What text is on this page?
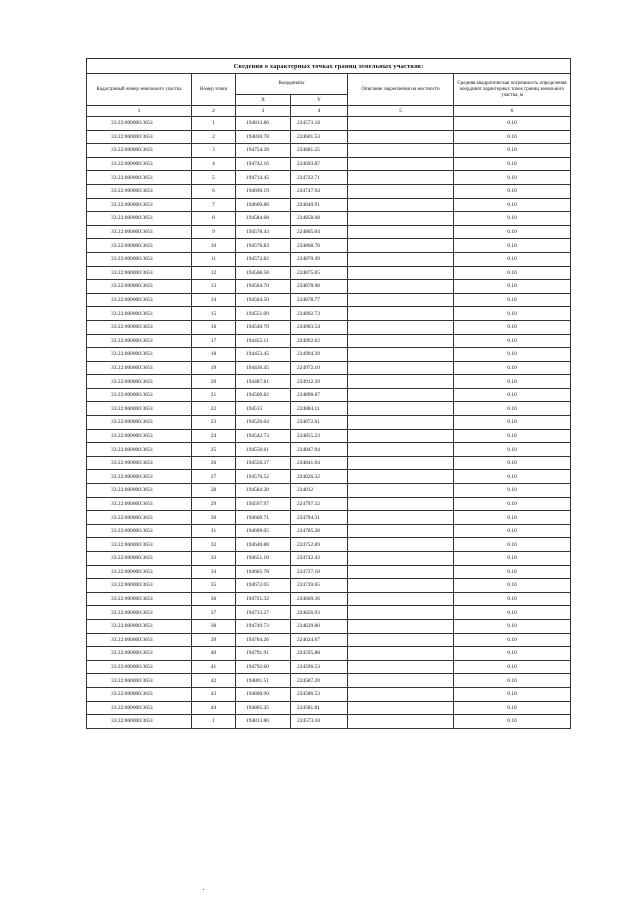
Сведения о характерных точках границ земельных участков:					
Кадастровый номер земельного участка	Номер точки	Координаты		Описание закрепления на местности	Средняя квадратическая погрешность определения координат характерных точек границ земельного участка, м
		X	Y		
1	2	3	4	5	6
33:22:000000:3651	1	194813.86	224573.18		0.10
33:22:000000:3651	2	194830.78	224601.53		0.10
33:22:000000:3651	3	194754.28	224681.25		0.10
33:22:000000:3651	4	194742.16	224693.87		0.10
33:22:000000:3651	5	194714.45	224722.71		0.10
33:22:000000:3651	6	194690.19	224747.94		0.10
33:22:000000:3651	7	194600.88	224840.91		0.10
33:22:000000:3651	8	194584.68	224858.68		0.10
33:22:000000:3651	9	194578.43	224865.04		0.10
33:22:000000:3651	10	194576.83	224868.70		0.10
33:22:000000:3651	11	194572.82	224870.49		0.10
33:22:000000:3651	12	194568.58	224875.05		0.10
33:22:000000:3651	13	194564.70	224878.98		0.10
33:22:000000:3651	14	194564.50	224878.77		0.10
33:22:000000:3651	15	194551.09	224892.73		0.10
33:22:000000:3651	16	194540.70	224903.54		0.10
33:22:000000:3651	17	194455.11	224992.62		0.10
33:22:000000:3651	18	194453.45	224994.39		0.10
33:22:000000:3651	19	194430.45	224972.10		0.10
33:22:000000:3651	20	194487.81	224912.39		0.10
33:22:000000:3651	21	194500.82	224898.87		0.10
33:22:000000:3651	22	194515	224884.11		0.10
33:22:000000:3651	23	194526.04	224872.61		0.10
33:22:000000:3651	24	194542.73	224855.23		0.10
33:22:000000:3651	25	194550.61	224847.04		0.10
33:22:000000:3651	26	194556.37	224841.04		0.10
33:22:000000:3651	27	194570.52	224826.32		0.10
33:22:000000:3651	28	194584.28	224812		0.10
33:22:000000:3651	29	194597.97	224797.32		0.10
33:22:000000:3651	30	194600.71	224794.31		0.10
33:22:000000:3651	31	194609.05	224785.28		0.10
33:22:000000:3651	32	194640.88	224752.89		0.10
33:22:000000:3651	33	194651.10	224742.43		0.10
33:22:000000:3651	34	194665.78	224727.18		0.10
33:22:000000:3651	35	194672.05	224720.65		0.10
33:22:000000:3651	36	194721.32	224669.36		0.10
33:22:000000:3651	37	194733.27	224656.93		0.10
33:22:000000:3651	38	194749.73	224639.80		0.10
33:22:000000:3651	39	194764.26	224624.67		0.10
33:22:000000:3651	40	194791.91	224595.88		0.10
33:22:000000:3651	41	194792.60	224596.53		0.10
33:22:000000:3651	42	194801.51	224587.20		0.10
33:22:000000:3651	43	194800.90	224586.53		0.10
33:22:000000:3651	44	194805.45	224581.81		0.10
33:22:000000:3651	1	194813.86	224573.18		0.10
